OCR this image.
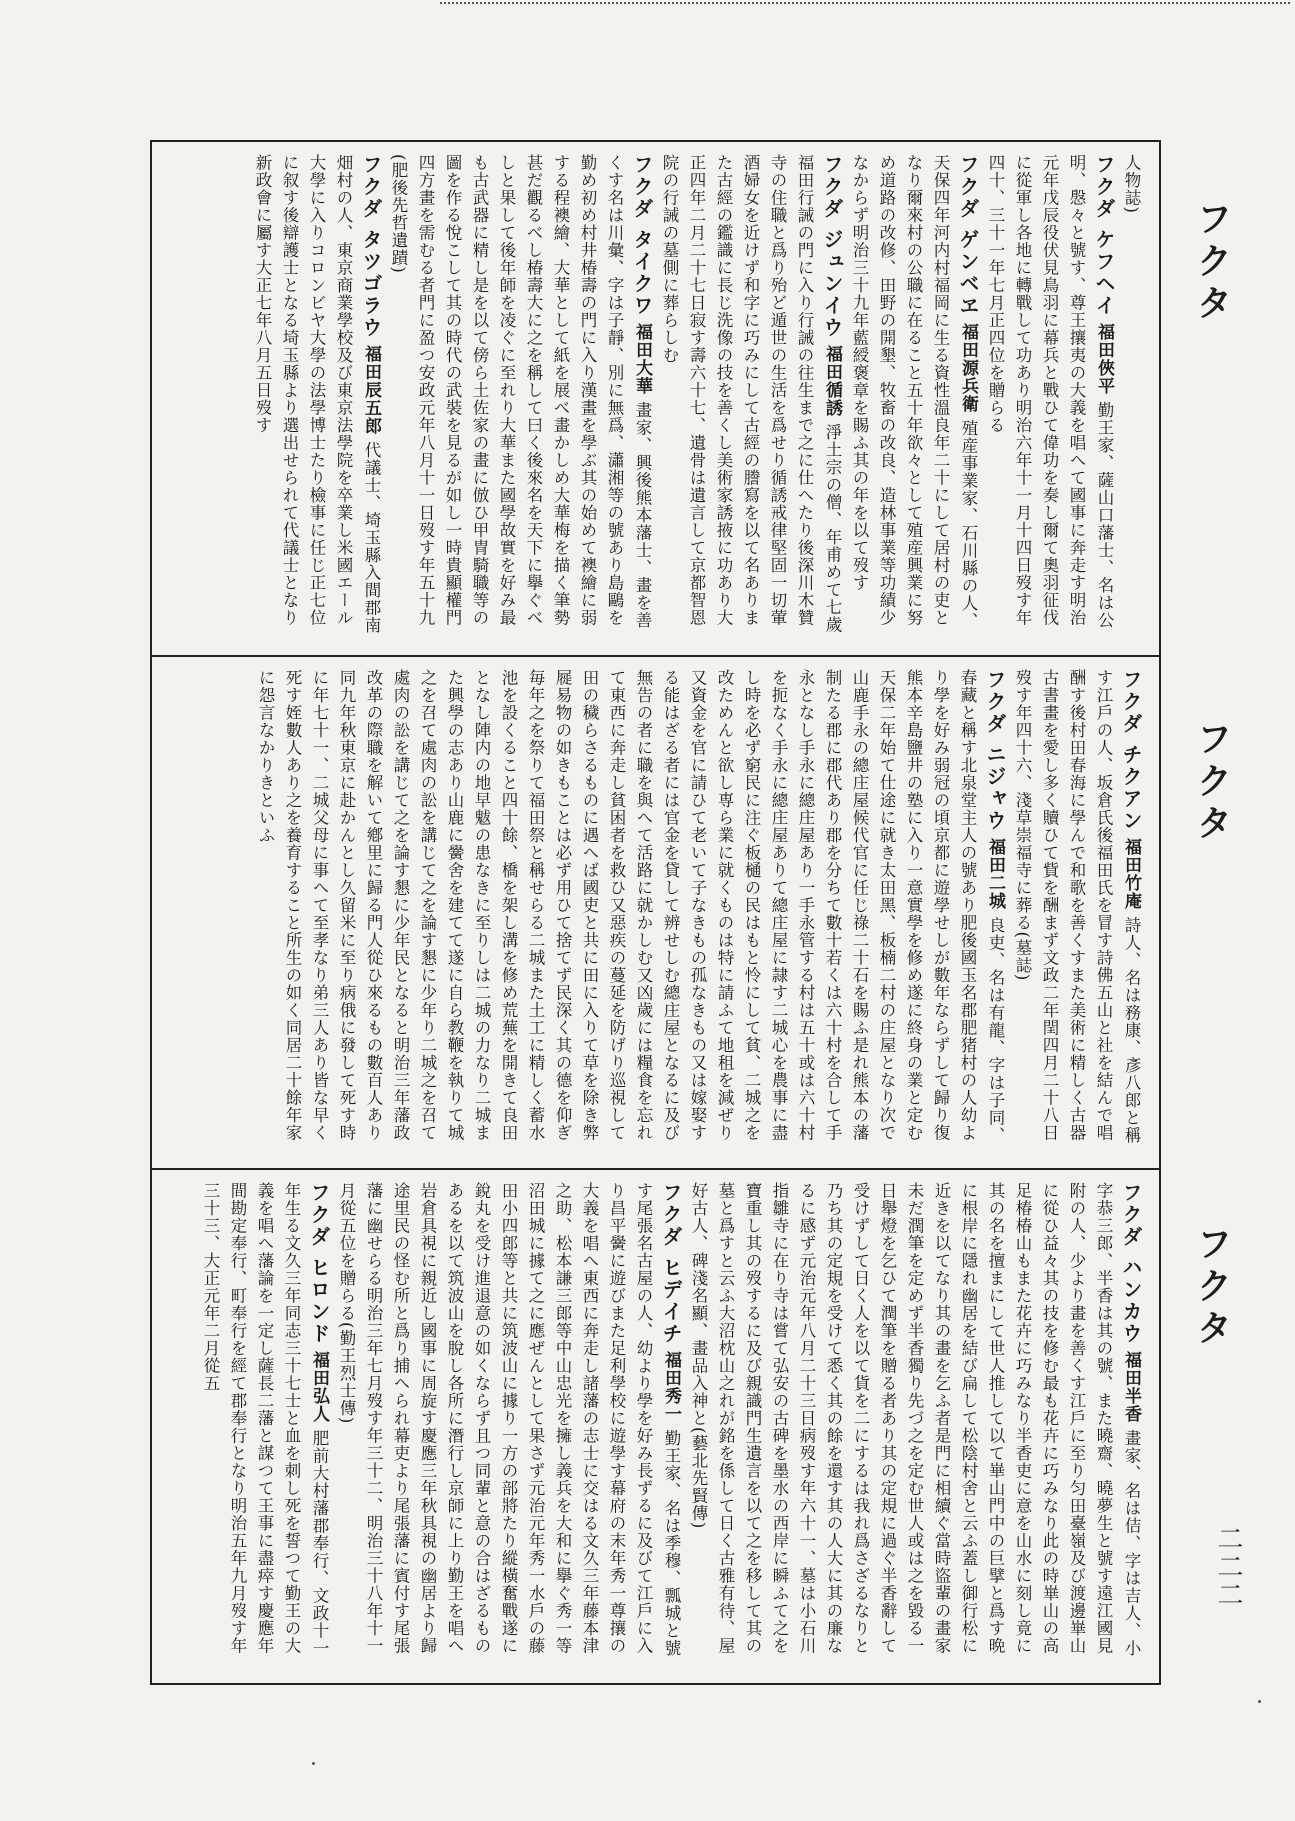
人物誌)

フクダ ケフヘイ 福田俠平 勤王家、薩山口藩士、名は公明、慇々と號す、尊王攘夷の大義を唱へて國事に奔走す明治元年戊辰役伏見鳥羽に幕兵と戰ひて偉功を奏し爾て奧羽征伐に從軍し各地に轉戰して功あり明治六年十一月十四日歿す年四十、三十一年七月正四位を贈らる

フクダ ゲンベヱ 福田源兵衛 殖産事業家、石川縣の人、天保四年河内村福岡に生る資性溫良年二十にして居村の吏となり爾來村の公職に在ること五十年欲々として殖産興業に努め道路の改修、田野の開墾、牧畜の改良、造林事業等功績少なからず明治三十九年藍綬褒章を賜ふ其の年を以て歿す

フクダ ジュンイウ 福田循誘 淨土宗の僧、年甫めて七歲福田行誡の門に入り行誡の往生まで之に仕へたり後深川木贊寺の住職と爲り殆ど遁世の生活を爲せり循誘戒律堅固一切葷酒婦女を近けず和字に巧みにして古經の謄寫を以て名ありまた古經の鑑識に長じ洗像の技を善くし美術家誘掖に功あり大正四年二月二十七日寂す壽六十七、遺骨は遺言して京都智恩院の行誡の墓側に葬らしむ

フクダ タイクワ 福田大華 畫家、興後熊本藩士、畫を善くす名は川彙、字は子靜、別に無爲、瀟湘等の號あり島鷗を勤め初め村井椿壽の門に入り漢畫を學ぶ其の始めて襖繪に弱する程襖繪、大華として紙を展べ畫かしめ大華梅を描く筆勢甚だ觀るべし椿壽大に之を稱して曰く後來名を天下に擧ぐべしと果して後年師を凌ぐに至れり大華また國學故實を好み最も古武器に精し是を以て傍ら土佐家の畫に倣ひ甲冑騎職等の圖を作る悅こして其の時代の武裝を見るが如し一時貴顯權門四方畫を需むる者門に盈つ安政元年八月十一日歿す年五十九(肥後先哲遺蹟)

フクダ タツゴラウ 福田辰五郎 代議士、埼玉縣入間郡南畑村の人、東京商業學校及び東京法學院を卒業し米國エール大學に入りコロンビヤ大學の法學博士たり檢事に任じ正七位に叙す後辯護士となる埼玉縣より選出せられて代議士となり新政會に屬す大正七年八月五日歿す

フクダ チクアン 福田竹庵 詩人、名は務康、彥八郎と稱す江戶の人、坂倉氏後福田氏を冒す詩佛五山と社を結んで唱酬す後村田春海に學んで和歌を善くすまた美術に精しく古器古書畫を愛し多く贖ひて貲を酬まず文政二年閏四月二十八日歿す年四十六、淺草崇福寺に葬る(墓誌)

フクダ ニジャウ 福田二城 良吏、名は有龍、字は子同、春藏と稱す北泉堂主人の號あり肥後國玉名郡肥猪村の人幼より學を好み弱冠の頃京都に遊學せしが數年ならずして歸り復熊本辛島鹽井の塾に入り一意實學を修め遂に終身の業と定む天保二年始て仕途に就き太田黑、板楠二村の庄屋となり次で山鹿手永の總庄屋候代官に任じ祿二十石を賜ふ是れ熊本の藩制たる郡に郡代あり郡を分ちて數十若くは六十村を合して手永となし手永に總庄屋あり一手永管する村は五十或は六十村を扼なく手永に總庄屋ありて總庄屋に隷す二城心を農事に盡し時を必ず窮民に注ぐ板樋の民はもと怜にして貧、二城之を改ためんと欲し専ら業に就くものは特に請ふて地租を減ぜり又資金を官に請ひて老いて子なきもの孤なきもの又は嫁娶する能はざる者には官金を貸して辨せしむ總庄屋となるに及び無告の者に職を與へて活路に就かしむ又凶歲には糧食を忘れて東西に奔走し貧困者を救ひ又惡疾の蔓延を防げり巡視して田の穢らさるものに遇へば國吏と共に田に入りて草を除き弊屣易物の如きもことは必ず用ひて捨てず民深く其の德を仰ぎ毎年之を祭りて福田祭と稱せらる二城また土工に精しく蓄水池を設くること四十餘、橋を架し溝を修め荒蕪を開きて良田となし陣内の地早魃の患なきに至りしは二城の力なり二城また興學の志あり山鹿に黌舍を建てて遂に自ら教鞭を執りて城之を召て處肉の訟を講じて之を論す懇に少年り二城之を召て處肉の訟を講じて之を論す懇に少年民となると明治三年藩政改革の際職を解いて鄕里に歸る門人從ひ來るもの數百人あり同九年秋東京に赴かんとし久留米に至り病俄に發して死す時に年七十一、二城父母に事へて至孝なり弟三人あり皆な早く死す姪數人あり之を養育すること所生の如く同居二十餘年家に怨言なかりきといふ

フクダ ハンカウ 福田半香 畫家、名は佶、字は吉人、小字恭三郎、半香は其の號、また曉齋、曉夢生と號す遠江國見附の人、少より畫を善くす江戶に至り匀田臺嶺及び渡邊崋山に從ひ益々其の技を修む最も花卉に巧みなり此の時崋山の高足椿椿山もまた花卉に巧みなり半香吏に意を山水に刻し竟に其の名を擅まにして世人推して以て崋山門中の巨擘と爲す晩に根岸に隱れ幽居を結び扁して松陰村舍と云ふ蓋し御行松に近きを以てなり其の畫を乞ふ者是門に相續ぐ當時盜輩の畫家未だ潤筆を定めず半香獨り先づ之を定む世人或は之を毀る一日舉燈を乞ひて潤筆を贈る者あり其の定規に過ぐ半香辭して受けずして日く人を以て貨を二にするは我れ爲さざるなりと乃ち其の定規を受けて悉く其の餘を還す其の人大に其の廉なるに感ず元治元年八月二十三日病歿す年六十一、墓は小石川指雛寺に在り寺は嘗て弘安の古碑を墨水の西岸に瞬ふて之を寶重し其の歿するに及び親識門生遺言を以て之を移して其の墓と爲すと云ふ大沼枕山之れが銘を係して日く古雅有待、屋好古人、碑淺名顯、畫品入神と(藝北先賢傳)

フクダ ヒデイチ 福田秀一 勤王家、名は季穆、瓢城と號す尾張名古屋の人、幼より學を好み長ずるに及びて江戶に入り昌平黌に遊びまた足利學校に遊學す幕府の末年秀一尊攘の大義を唱へ東西に奔走し諸藩の志士に交はる文久三年藤本津之助、松本謙三郎等中山忠光を擁し義兵を大和に擧ぐ秀一等沼田城に據て之に應ぜんとして果さず元治元年秀一水戶の藤田小四郎等と共に筑波山に據り一方の部將たり縱橫奮戰遂に銳丸を受け進退意の如くならず且つ同輩と意の合はざるものあるを以て筑波山を脫し各所に潛行し京師に上り勤王を唱へ岩倉具視に親近し國事に周旋す慶應三年秋具視の幽居より歸途里民の怪む所と爲り捕へられ幕吏より尾張藩に賓付す尾張藩に幽せらる明治三年七月歿す年三十二、明治三十八年十一月從五位を贈らる(勤王烈士傳)

フクダ ヒロンド 福田弘人 肥前大村藩郡奉行、文政十一年生る文久三年同志三十七士と血を刺し死を誓つて勤王の大義を唱へ藩論を一定し薩長二藩と謀つて王事に盡瘁す慶應年間勘定奉行、町奉行を經て郡奉行となり明治五年九月歿す年三十三、大正元年二月從五

フクタ
フクタ
フクタ
二二二
